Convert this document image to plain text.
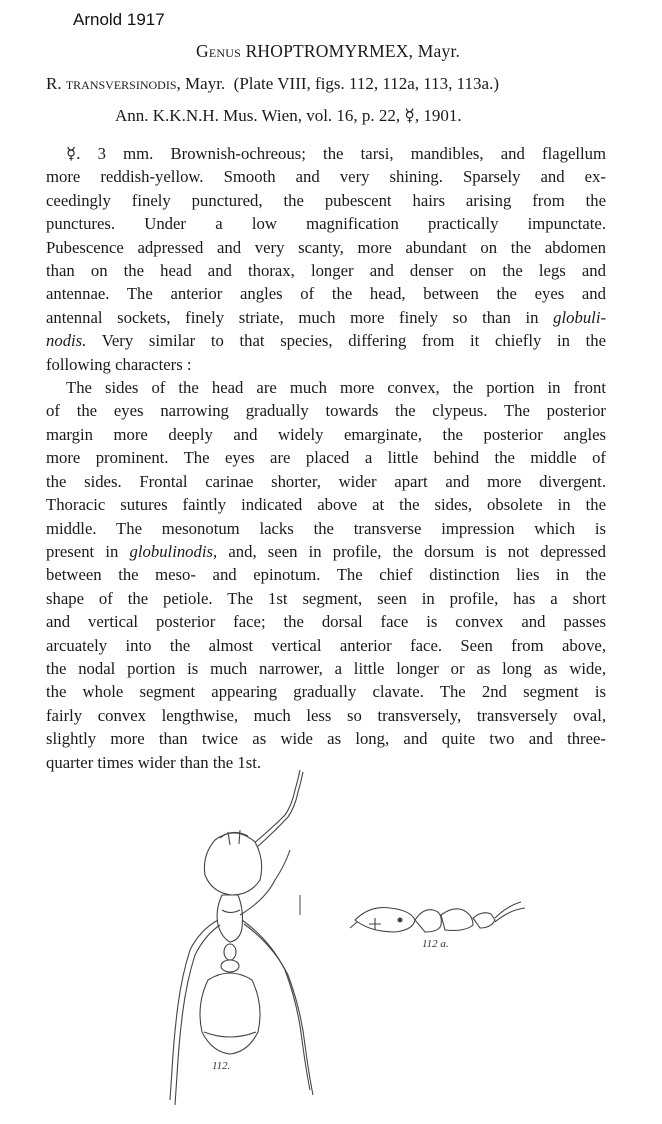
Arnold 1917
Genus RHOPTROMYRMEX, Mayr.
R. transversinodis, Mayr. (Plate VIII, figs. 112, 112a, 113, 113a.)
Ann. K.K.N.H. Mus. Wien, vol. 16, p. 22, ☿, 1901.
☿. 3 mm. Brownish-ochreous; the tarsi, mandibles, and flagellum
more reddish-yellow. Smooth and very shining. Sparsely and ex-
ceedingly finely punctured, the pubescent hairs arising from the
punctures. Under a low magnification practically impunctate.
Pubescence adpressed and very scanty, more abundant on the abdomen
than on the head and thorax, longer and denser on the legs and
antennae. The anterior angles of the head, between the eyes and
antennal sockets, finely striate, much more finely so than in globuli-
nodis. Very similar to that species, differing from it chiefly in the
following characters :
The sides of the head are much more convex, the portion in front
of the eyes narrowing gradually towards the clypeus. The posterior
margin more deeply and widely emarginate, the posterior angles
more prominent. The eyes are placed a little behind the middle of
the sides. Frontal carinae shorter, wider apart and more divergent.
Thoracic sutures faintly indicated above at the sides, obsolete in the
middle. The mesonotum lacks the transverse impression which is
present in globulinodis, and, seen in profile, the dorsum is not depressed
between the meso- and epinotum. The chief distinction lies in the
shape of the petiole. The 1st segment, seen in profile, has a short
and vertical posterior face; the dorsal face is convex and passes
arcuately into the almost vertical anterior face. Seen from above,
the nodal portion is much narrower, a little longer or as long as wide,
the whole segment appearing gradually clavate. The 2nd segment is
fairly convex lengthwise, much less so transversely, transversely oval,
slightly more than twice as wide as long, and quite two and three-
quarter times wider than the 1st.
112.
112 a.
